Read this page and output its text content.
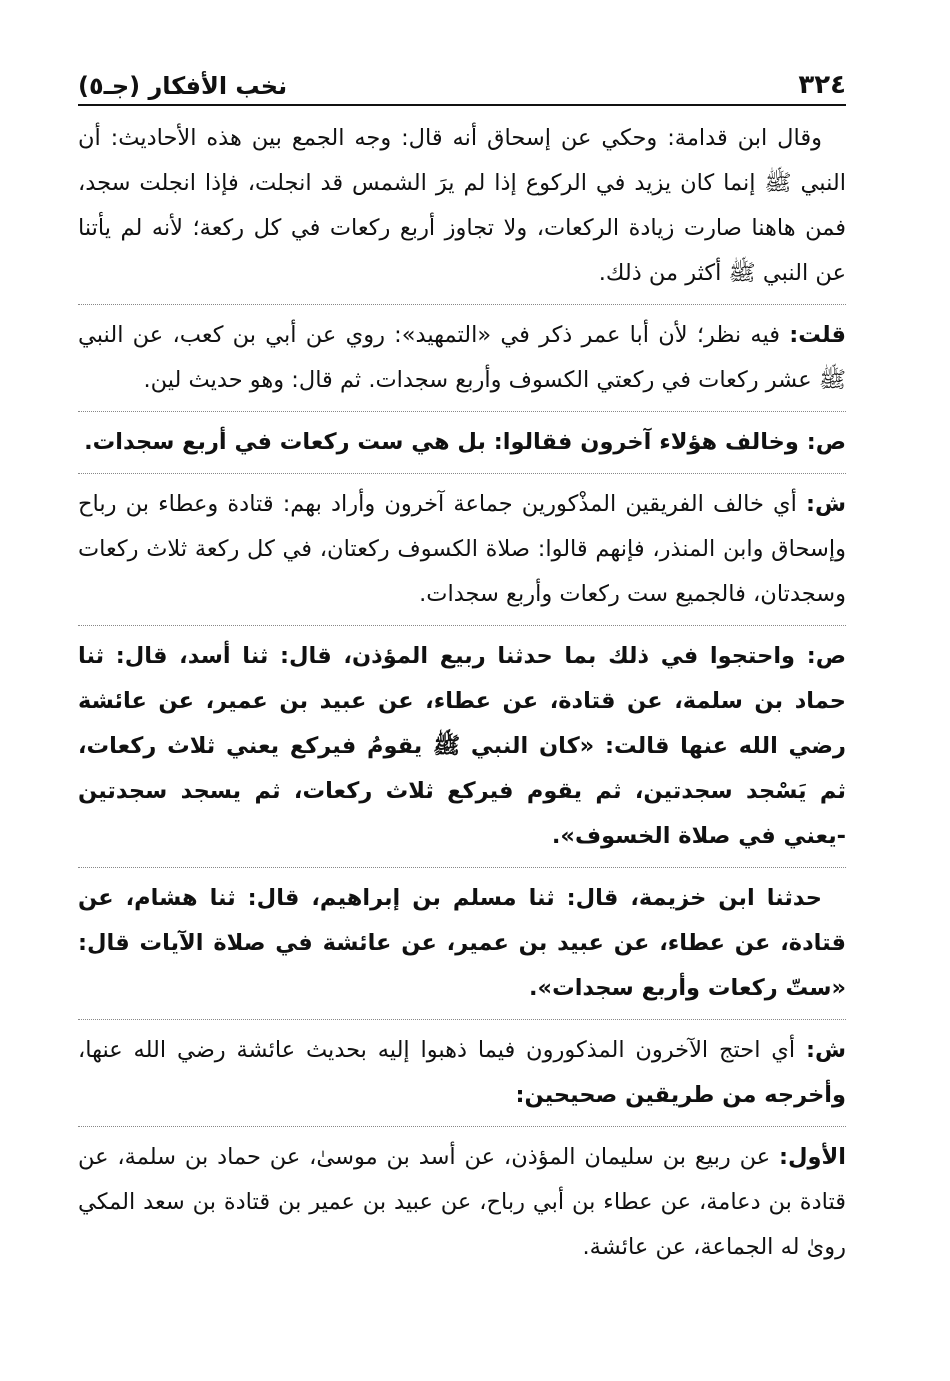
٣٢٤
نخب الأفكار (جـ٥)

وقال ابن قدامة: وحكي عن إسحاق أنه قال: وجه الجمع بين هذه الأحاديث: أن النبي ﷺ إنما كان يزيد في الركوع إذا لم يرَ الشمس قد انجلت، فإذا انجلت سجد، فمن هاهنا صارت زيادة الركعات، ولا تجاوز أربع ركعات في كل ركعة؛ لأنه لم يأتنا عن النبي ﷺ أكثر من ذلك.

قلت: فيه نظر؛ لأن أبا عمر ذكر في «التمهيد»: روي عن أبي بن كعب، عن النبي ﷺ عشر ركعات في ركعتي الكسوف وأربع سجدات. ثم قال: وهو حديث لين.

ص: وخالف هؤلاء آخرون فقالوا: بل هي ست ركعات في أربع سجدات.

ش: أي خالف الفريقين المذْكورين جماعة آخرون وأراد بهم: قتادة وعطاء بن رباح وإسحاق وابن المنذر، فإنهم قالوا: صلاة الكسوف ركعتان، في كل ركعة ثلاث ركعات وسجدتان، فالجميع ست ركعات وأربع سجدات.

ص: واحتجوا في ذلك بما حدثنا ربيع المؤذن، قال: ثنا أسد، قال: ثنا حماد بن سلمة، عن قتادة، عن عطاء، عن عبيد بن عمير، عن عائشة رضي الله عنها قالت: «كان النبي ﷺ يقومُ فيركع يعني ثلاث ركعات، ثم يَسْجد سجدتين، ثم يقوم فيركع ثلاث ركعات، ثم يسجد سجدتين -يعني في صلاة الخسوف».

حدثنا ابن خزيمة، قال: ثنا مسلم بن إبراهيم، قال: ثنا هشام، عن قتادة، عن عطاء، عن عبيد بن عمير، عن عائشة في صلاة الآيات قال: «ستّ ركعات وأربع سجدات».

ش: أي احتج الآخرون المذكورون فيما ذهبوا إليه بحديث عائشة رضي الله عنها، وأخرجه من طريقين صحيحين:

الأول: عن ربيع بن سليمان المؤذن، عن أسد بن موسىٰ، عن حماد بن سلمة، عن قتادة بن دعامة، عن عطاء بن أبي رباح، عن عبيد بن عمير بن قتادة بن سعد المكي روىٰ له الجماعة، عن عائشة.
